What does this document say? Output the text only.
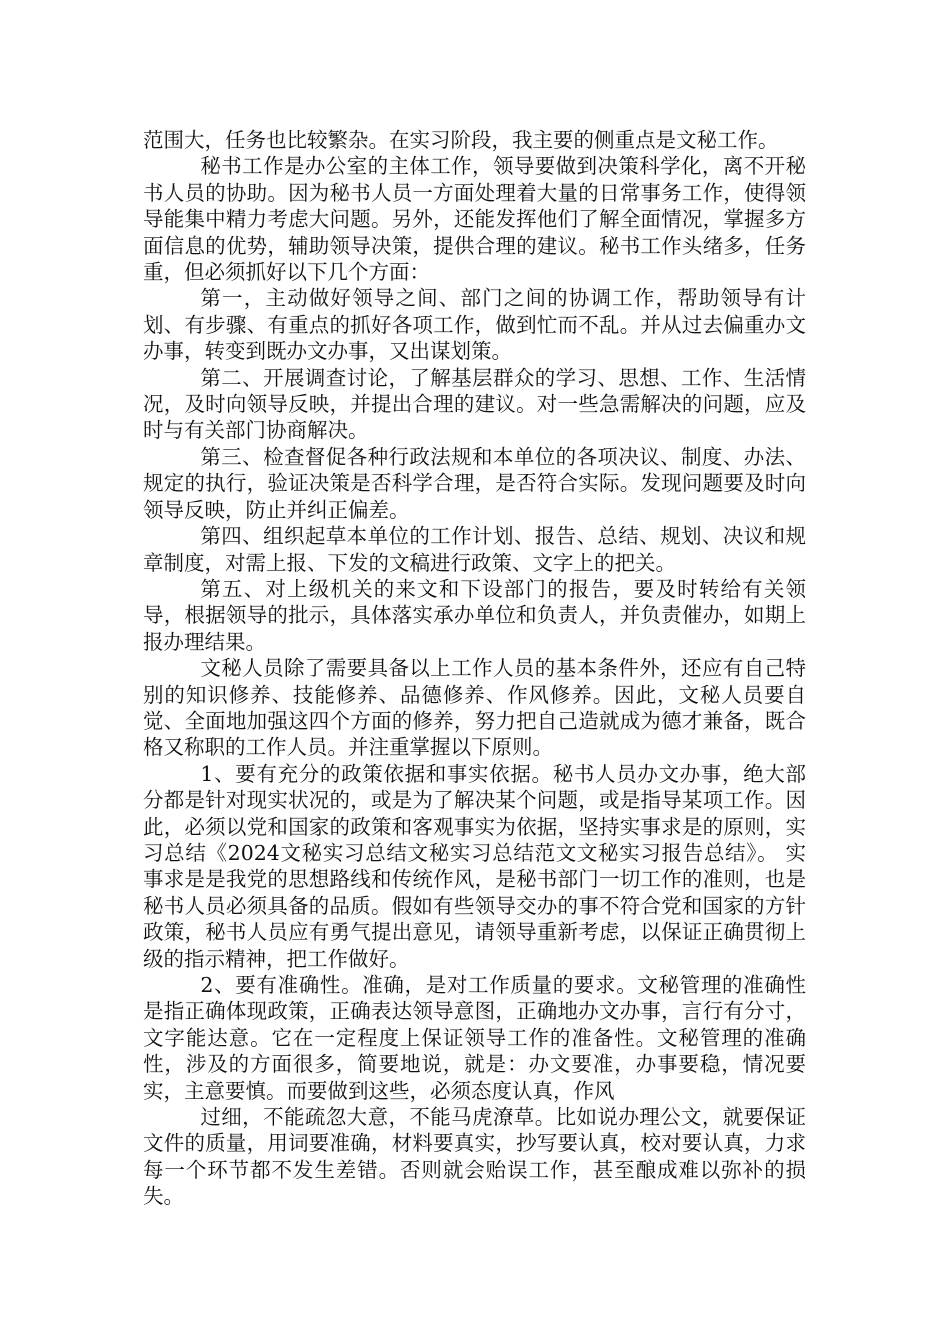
范围大，任务也比较繁杂。在实习阶段，我主要的侧重点是文秘工作。

秘书工作是办公室的主体工作，领导要做到决策科学化，离不开秘书人员的协助。因为秘书人员一方面处理着大量的日常事务工作，使得领导能集中精力考虑大问题。另外，还能发挥他们了解全面情况，掌握多方面信息的优势，辅助领导决策，提供合理的建议。秘书工作头绪多，任务重，但必须抓好以下几个方面：

第一，主动做好领导之间、部门之间的协调工作，帮助领导有计划、有步骤、有重点的抓好各项工作，做到忙而不乱。并从过去偏重办文办事，转变到既办文办事，又出谋划策。

第二、开展调查讨论，了解基层群众的学习、思想、工作、生活情况，及时向领导反映，并提出合理的建议。对一些急需解决的问题，应及时与有关部门协商解决。

第三、检查督促各种行政法规和本单位的各项决议、制度、办法、规定的执行，验证决策是否科学合理，是否符合实际。发现问题要及时向领导反映，防止并纠正偏差。

第四、组织起草本单位的工作计划、报告、总结、规划、决议和规章制度，对需上报、下发的文稿进行政策、文字上的把关。

第五、对上级机关的来文和下设部门的报告，要及时转给有关领导，根据领导的批示，具体落实承办单位和负责人，并负责催办，如期上报办理结果。

文秘人员除了需要具备以上工作人员的基本条件外，还应有自己特别的知识修养、技能修养、品德修养、作风修养。因此，文秘人员要自觉、全面地加强这四个方面的修养，努力把自己造就成为德才兼备，既合格又称职的工作人员。并注重掌握以下原则。

1、要有充分的政策依据和事实依据。秘书人员办文办事，绝大部分都是针对现实状况的，或是为了解决某个问题，或是指导某项工作。因此，必须以党和国家的政策和客观事实为依据，坚持实事求是的原则，实习总结《2024文秘实习总结文秘实习总结范文文秘实习报告总结》。 实事求是是我党的思想路线和传统作风，是秘书部门一切工作的准则，也是秘书人员必须具备的品质。假如有些领导交办的事不符合党和国家的方针政策，秘书人员应有勇气提出意见，请领导重新考虑，以保证正确贯彻上级的指示精神，把工作做好。

2、要有准确性。准确，是对工作质量的要求。文秘管理的准确性是指正确体现政策，正确表达领导意图，正确地办文办事，言行有分寸，文字能达意。它在一定程度上保证领导工作的准备性。文秘管理的准确性，涉及的方面很多，简要地说，就是：办文要准，办事要稳，情况要实，主意要慎。而要做到这些，必须态度认真，作风

过细，不能疏忽大意，不能马虎潦草。比如说办理公文，就要保证文件的质量，用词要准确，材料要真实，抄写要认真，校对要认真，力求每一个环节都不发生差错。否则就会贻误工作，甚至酿成难以弥补的损失。
